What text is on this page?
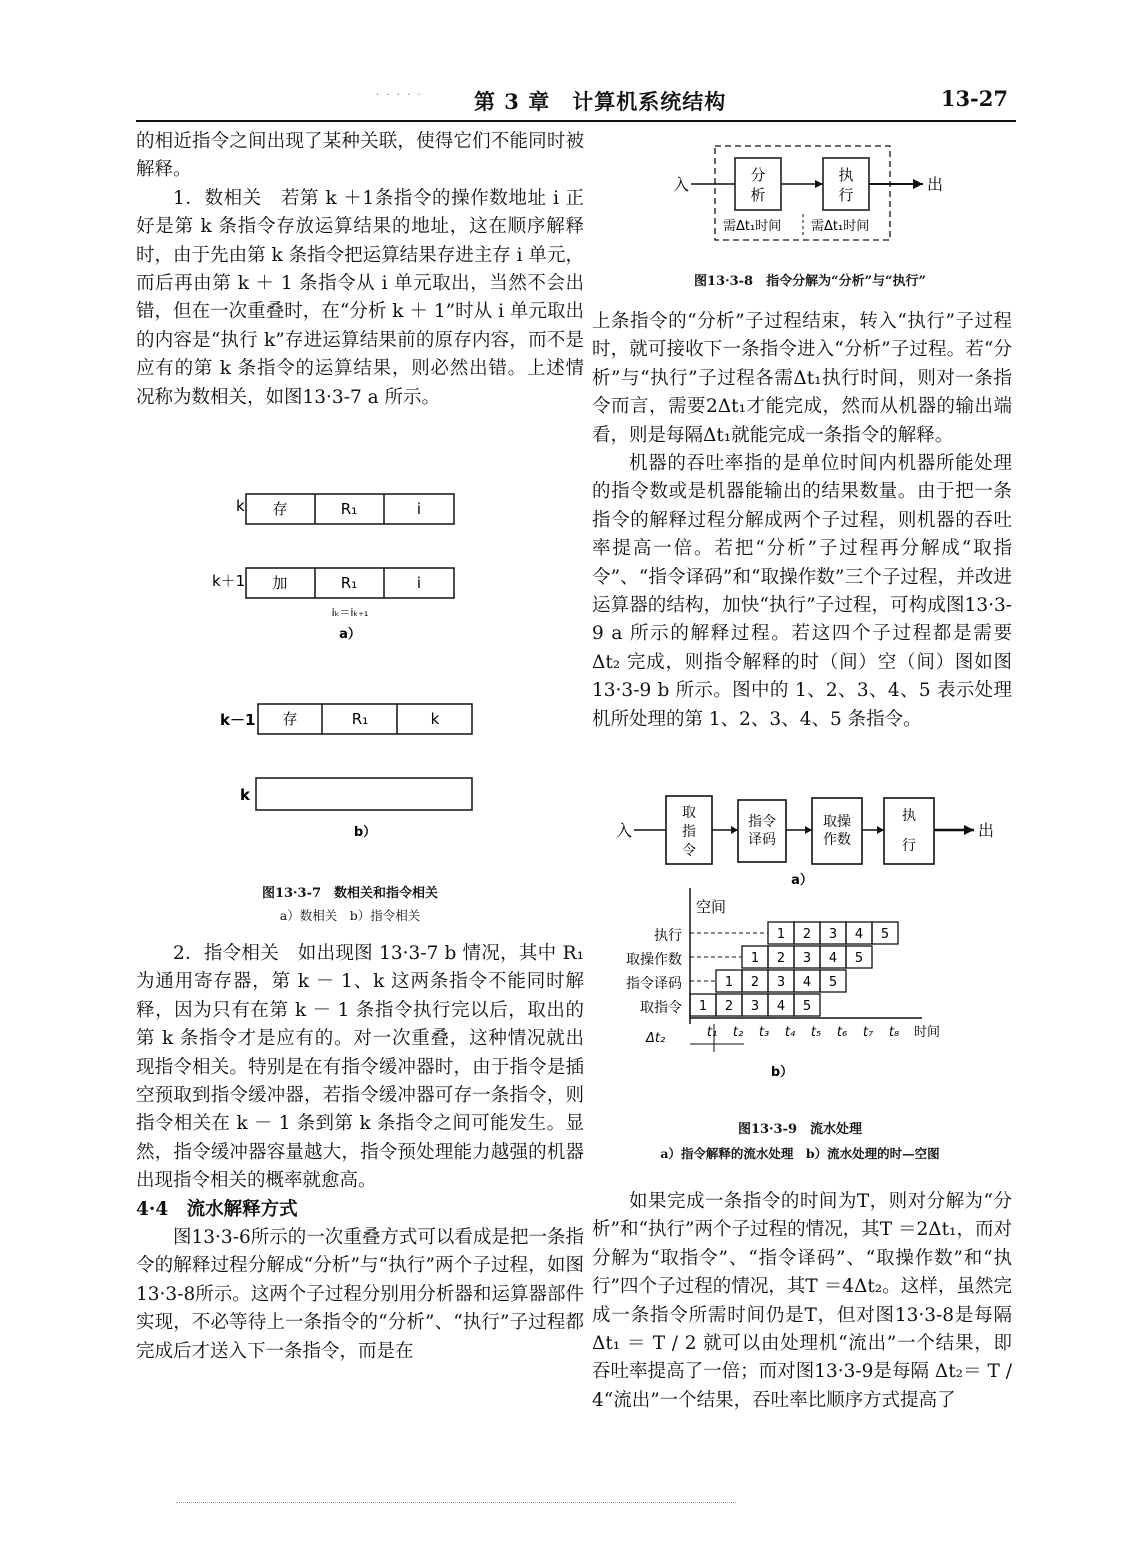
· · · · · 第 3 章　计算机系统结构	13-27

的相近指令之间出现了某种关联，使得它们不能同时被解释。

1．数相关　若第 k ＋1条指令的操作数地址 i 正好是第 k 条指令存放运算结果的地址，这在顺序解释时，由于先由第 k 条指令把运算结果存进主存 i 单元，而后再由第 k ＋ 1 条指令从 i 单元取出，当然不会出错，但在一次重叠时，在“分析 k ＋ 1”时从 i 单元取出的内容是“执行 k”存进运算结果前的原存内容，而不是应有的第 k 条指令的运算结果，则必然出错。上述情况称为数相关，如图13·3-7 a 所示。

k 存	R₁	i
k＋1 加	R₁	i
iₖ＝iₖ₊₁
a）
k－1 存	R₁	k
k
b）
图13·3-7　数相关和指令相关
a）数相关　b）指令相关

2．指令相关　如出现图 13·3-7 b 情况，其中 R₁为通用寄存器，第 k － 1、k 这两条指令不能同时解释，因为只有在第 k － 1 条指令执行完以后，取出的第 k 条指令才是应有的。对一次重叠，这种情况就出现指令相关。特别是在有指令缓冲器时，由于指令是插空预取到指令缓冲器，若指令缓冲器可存一条指令，则指令相关在 k － 1 条到第 k 条指令之间可能发生。显然，指令缓冲器容量越大，指令预处理能力越强的机器出现指令相关的概率就愈高。

4·4　流水解释方式

图13·3-6所示的一次重叠方式可以看成是把一条指令的解释过程分解成“分析”与“执行”两个子过程，如图13·3-8所示。这两个子过程分别用分析器和运算器部件实现，不必等待上一条指令的“分析”、“执行”子过程都完成后才送入下一条指令，而是在

入	分
析
执
行
出
需Δt₁时间 需Δt₁时间
图13·3-8　指令分解为“分析”与“执行”

上条指令的“分析”子过程结束，转入“执行”子过程时，就可接收下一条指令进入“分析”子过程。若“分析”与“执行”子过程各需Δt₁执行时间，则对一条指令而言，需要2Δt₁才能完成，然而从机器的输出端看，则是每隔Δt₁就能完成一条指令的解释。

机器的吞吐率指的是单位时间内机器所能处理的指令数或是机器能输出的结果数量。由于把一条指令的解释过程分解成两个子过程，则机器的吞吐率提高一倍。若把“分析”子过程再分解成“取指令”、“指令译码”和“取操作数”三个子过程，并改进运算器的结构，加快“执行”子过程，可构成图13·3-9 a 所示的解释过程。若这四个子过程都是需要 Δt₂ 完成，则指令解释的时（间）空（间）图如图13·3-9 b 所示。图中的 1、2、3、4、5 表示处理机所处理的第 1、2、3、4、5 条指令。

入
取
指
令
指令
译码
取操
作数
执
行
出
a）
空间
执行
取操作数
指令译码
取指令
1 2 3 4 5
1 2 3 4 5
1 2 3 4 5
1 2 3 4 5
Δt₂	t₁ t₂ t₃ t₄ t₅ t₆ t₇ t₈ 时间
b）
图13·3-9　流水处理
a）指令解释的流水处理　b）流水处理的时—空图

如果完成一条指令的时间为T，则对分解为“分析”和“执行”两个子过程的情况，其T ＝2Δt₁，而对分解为“取指令”、“指令译码”、“取操作数”和“执行”四个子过程的情况，其T ＝4Δt₂。这样，虽然完成一条指令所需时间仍是T，但对图13·3-8是每隔Δt₁ ＝ T / 2 就可以由处理机“流出”一个结果，即吞吐率提高了一倍；而对图13·3-9是每隔 Δt₂＝ T / 4“流出”一个结果，吞吐率比顺序方式提高了
